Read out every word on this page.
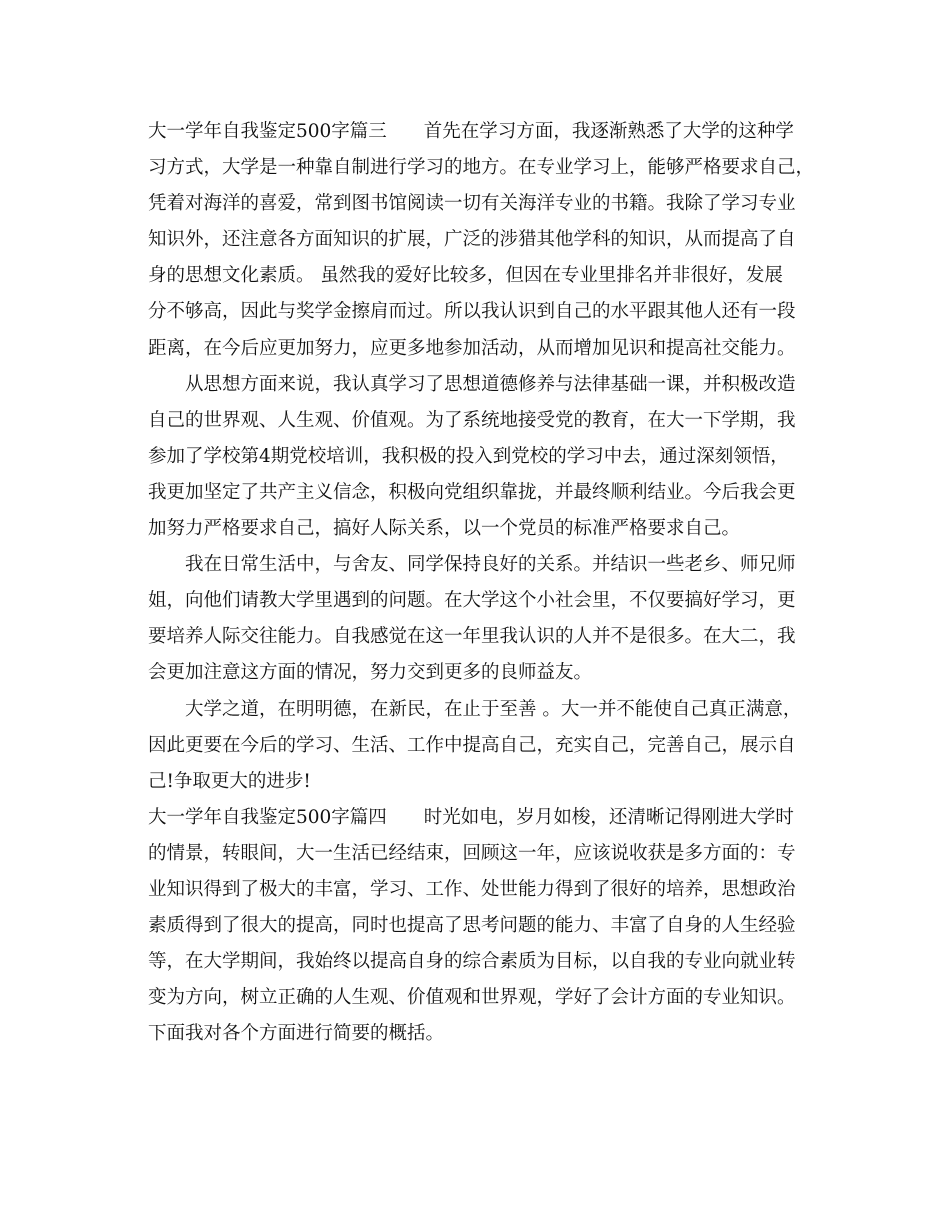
大一学年自我鉴定500字篇三　　首先在学习方面，我逐渐熟悉了大学的这种学
习方式，大学是一种靠自制进行学习的地方。在专业学习上，能够严格要求自己，
凭着对海洋的喜爱，常到图书馆阅读一切有关海洋专业的书籍。我除了学习专业
知识外，还注意各方面知识的扩展，广泛的涉猎其他学科的知识，从而提高了自
身的思想文化素质。 虽然我的爱好比较多，但因在专业里排名并非很好，发展
分不够高，因此与奖学金擦肩而过。所以我认识到自己的水平跟其他人还有一段
距离，在今后应更加努力，应更多地参加活动，从而增加见识和提高社交能力。
　　从思想方面来说，我认真学习了思想道德修养与法律基础一课，并积极改造
自己的世界观、人生观、价值观。为了系统地接受党的教育，在大一下学期，我
参加了学校第4期党校培训，我积极的投入到党校的学习中去，通过深刻领悟，
我更加坚定了共产主义信念，积极向党组织靠拢，并最终顺利结业。今后我会更
加努力严格要求自己，搞好人际关系，以一个党员的标准严格要求自己。
　　我在日常生活中，与舍友、同学保持良好的关系。并结识一些老乡、师兄师
姐，向他们请教大学里遇到的问题。在大学这个小社会里，不仅要搞好学习，更
要培养人际交往能力。自我感觉在这一年里我认识的人并不是很多。在大二，我
会更加注意这方面的情况，努力交到更多的良师益友。
　　大学之道，在明明德，在新民，在止于至善 。大一并不能使自己真正满意，
因此更要在今后的学习、生活、工作中提高自己，充实自己，完善自己，展示自
己!争取更大的进步!
大一学年自我鉴定500字篇四　　时光如电，岁月如梭，还清晰记得刚进大学时
的情景，转眼间，大一生活已经结束，回顾这一年，应该说收获是多方面的：专
业知识得到了极大的丰富，学习、工作、处世能力得到了很好的培养，思想政治
素质得到了很大的提高，同时也提高了思考问题的能力、丰富了自身的人生经验
等，在大学期间，我始终以提高自身的综合素质为目标，以自我的专业向就业转
变为方向，树立正确的人生观、价值观和世界观，学好了会计方面的专业知识。
下面我对各个方面进行简要的概括。
